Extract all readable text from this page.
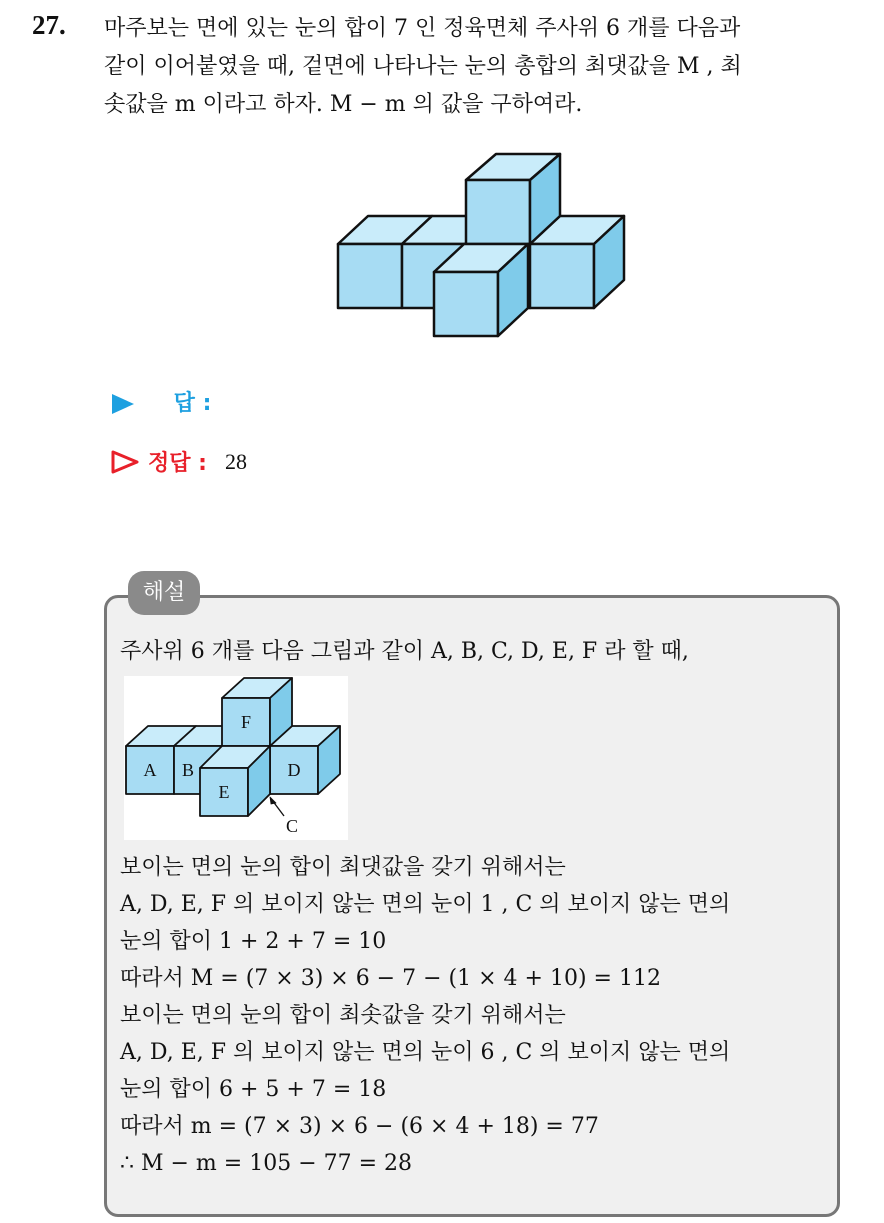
27. 마주보는 면에 있는 눈의 합이 7 인 정육면체 주사위 6 개를 다음과
같이 이어붙였을 때, 겉면에 나타나는 눈의 총합의 최댓값을 M , 최
솟값을 m 이라고 하자. M − m 의 값을 구하여라.
답 :
정답 : 28
해설
주사위 6 개를 다음 그림과 같이 A, B, C, D, E, F 라 할 때,
A B	D
E
F
C
보이는 면의 눈의 합이 최댓값을 갖기 위해서는
A, D, E, F 의 보이지 않는 면의 눈이 1 , C 의 보이지 않는 면의
눈의 합이 1 + 2 + 7 = 10
따라서 M = (7 × 3) × 6 − 7 − (1 × 4 + 10) = 112
보이는 면의 눈의 합이 최솟값을 갖기 위해서는
A, D, E, F 의 보이지 않는 면의 눈이 6 , C 의 보이지 않는 면의
눈의 합이 6 + 5 + 7 = 18
따라서 m = (7 × 3) × 6 − (6 × 4 + 18) = 77
∴ M − m = 105 − 77 = 28
